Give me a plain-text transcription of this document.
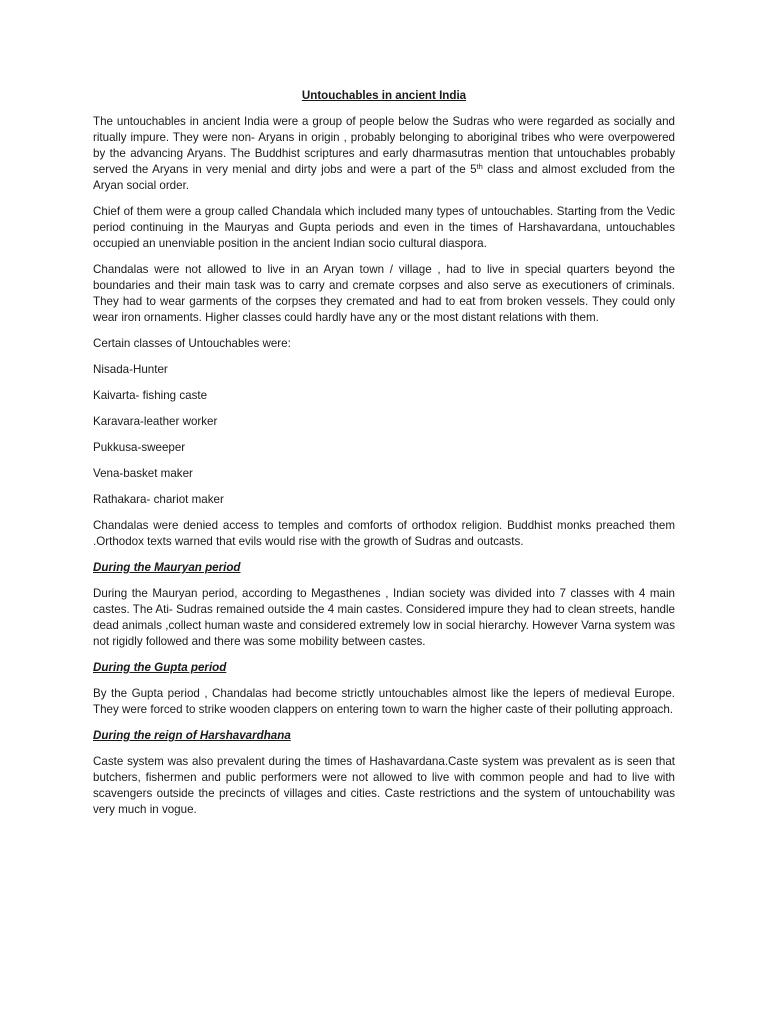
Untouchables in ancient India
The untouchables in ancient India were a group of people below the Sudras who were regarded as socially and ritually impure. They were non- Aryans in origin , probably belonging to aboriginal tribes who were overpowered by the advancing Aryans. The Buddhist scriptures and early dharmasutras mention that untouchables probably served the Aryans in very menial and dirty jobs and were a part of the 5th class and almost excluded from the Aryan social order.
Chief of them were a group called Chandala which included many types of untouchables. Starting from the Vedic period continuing in the Mauryas and Gupta periods and even in the times of Harshavardana, untouchables occupied an unenviable position in the ancient Indian socio cultural diaspora.
Chandalas were not allowed to live in an Aryan town / village , had to live in special quarters beyond the boundaries and their main task was to carry and cremate corpses and also serve as executioners of criminals. They had to wear garments of the corpses they cremated and had to eat from broken vessels. They could only wear iron ornaments. Higher classes could hardly have any or the most distant relations with them.
Certain classes of Untouchables were:
Nisada-Hunter
Kaivarta- fishing caste
Karavara-leather worker
Pukkusa-sweeper
Vena-basket maker
Rathakara- chariot maker
Chandalas were denied access to temples and comforts of orthodox religion. Buddhist monks preached them .Orthodox texts warned that evils would rise with the growth of Sudras and outcasts.
During the Mauryan period
During the Mauryan period, according to Megasthenes , Indian society was divided into 7 classes with 4 main castes. The Ati- Sudras remained outside the 4 main castes. Considered impure they had to clean streets, handle dead animals ,collect human waste and considered extremely low in social hierarchy. However Varna system was not rigidly followed and there was some mobility between castes.
During the Gupta period
By the Gupta period , Chandalas had become strictly untouchables almost like the lepers of medieval Europe. They were forced to strike wooden clappers on entering town to warn the higher caste of their polluting approach.
During the reign of Harshavardhana
Caste system was also prevalent during the times of Hashavardana.Caste system was prevalent as is seen that butchers, fishermen and public performers were not allowed to live with common people and had to live with scavengers outside the precincts of villages and cities. Caste restrictions and the system of untouchability was very much in vogue.
